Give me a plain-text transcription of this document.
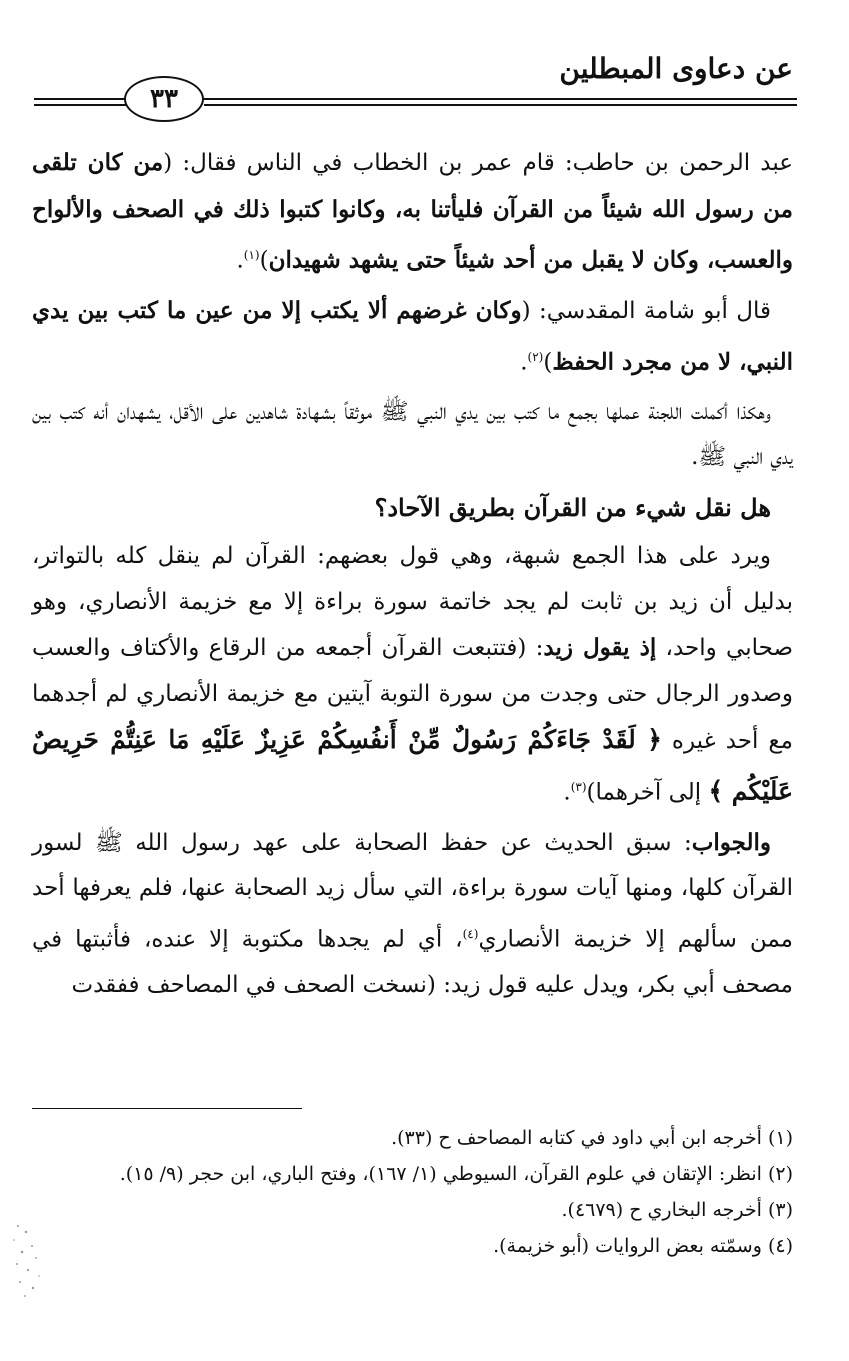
عن دعاوى المبطلين
٣٣

عبد الرحمن بن حاطب: قام عمر بن الخطاب في الناس فقال: (من كان تلقى من رسول الله شيئاً من القرآن فليأتنا به، وكانوا كتبوا ذلك في الصحف والألواح والعسب، وكان لا يقبل من أحد شيئاً حتى يشهد شهيدان)$^{(١)}$.

قال أبو شامة المقدسي: (وكان غرضهم ألا يكتب إلا من عين ما كتب بين يدي النبي، لا من مجرد الحفظ)$^{(٢)}$.

وهكذا أكملت اللجنة عملها بجمع ما كتب بين يدي النبي ﷺ موثقاً بشهادة شاهدين على الأقل، يشهدان أنه كتب بين يدي النبي ﷺ.

هل نقل شيء من القرآن بطريق الآحاد؟

ويرد على هذا الجمع شبهة، وهي قول بعضهم: القرآن لم ينقل كله بالتواتر، بدليل أن زيد بن ثابت لم يجد خاتمة سورة براءة إلا مع خزيمة الأنصاري، وهو صحابي واحد، إذ يقول زيد: (فتتبعت القرآن أجمعه من الرقاع والأكتاف والعسب وصدور الرجال حتى وجدت من سورة التوبة آيتين مع خزيمة الأنصاري لم أجدهما مع أحد غيره ﴿ لَقَدْ جَاءَكُمْ رَسُولٌ مِّنْ أَنفُسِكُمْ عَزِيزٌ عَلَيْهِ مَا عَنِتُّمْ حَرِيصٌ عَلَيْكُم ﴾ إلى آخرهما)$^{(٣)}$.

والجواب: سبق الحديث عن حفظ الصحابة على عهد رسول الله ﷺ لسور القرآن كلها، ومنها آيات سورة براءة، التي سأل زيد الصحابة عنها، فلم يعرفها أحد ممن سألهم إلا خزيمة الأنصاري$^{(٤)}$، أي لم يجدها مكتوبة إلا عنده، فأثبتها في مصحف أبي بكر، ويدل عليه قول زيد: (نسخت الصحف في المصاحف ففقدت

(١) أخرجه ابن أبي داود في كتابه المصاحف ح (٣٣).
(٢) انظر: الإتقان في علوم القرآن، السيوطي (١/ ١٦٧)، وفتح الباري، ابن حجر (٩/ ١٥).
(٣) أخرجه البخاري ح (٤٦٧٩).
(٤) وسمّته بعض الروايات (أبو خزيمة).
